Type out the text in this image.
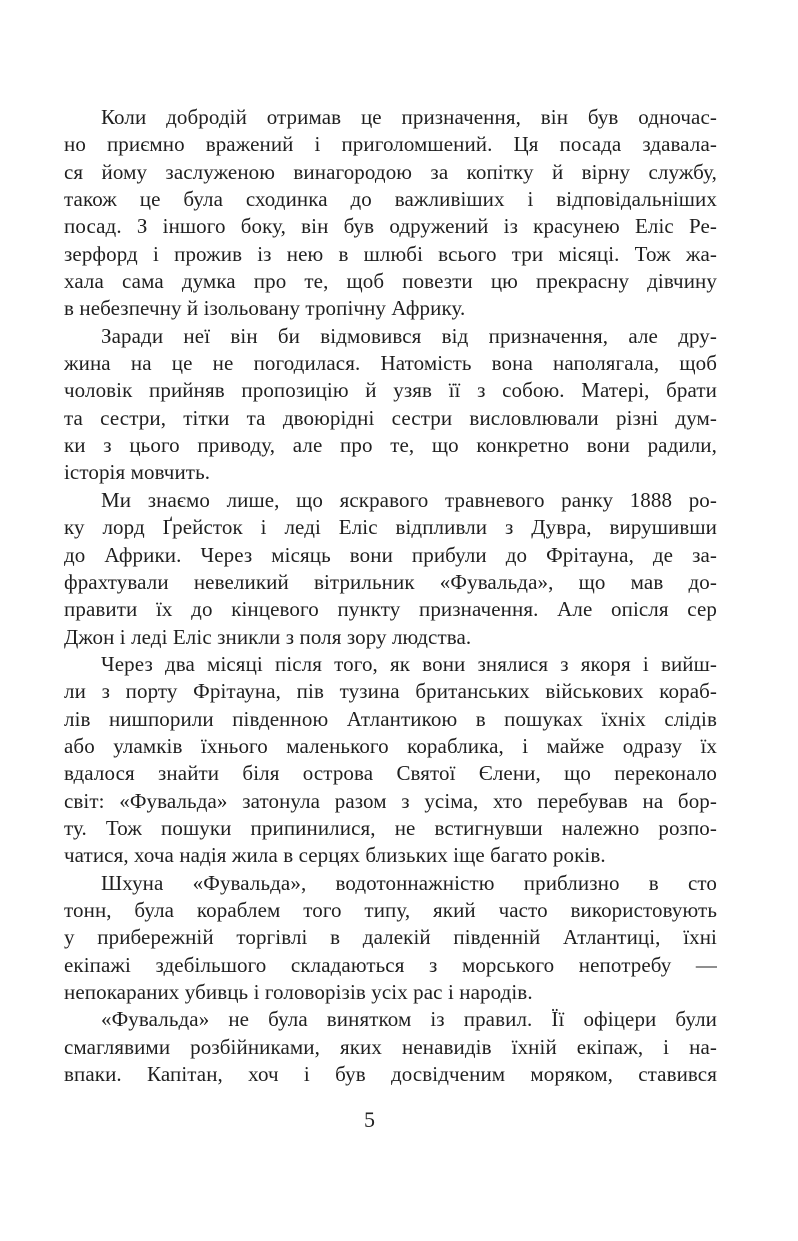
Коли добродій отримав це призначення, він був одночас-
но приємно вражений і приголомшений. Ця посада здавала-
ся йому заслуженою винагородою за копітку й вірну службу,
також це була сходинка до важливіших і відповідальніших
посад. З іншого боку, він був одружений із красунею Еліс Ре-
зерфорд і прожив із нею в шлюбі всього три місяці. Тож жа-
хала сама думка про те, щоб повезти цю прекрасну дівчину
в небезпечну й ізольовану тропічну Африку.
Заради неї він би відмовився від призначення, але дру-
жина на це не погодилася. Натомість вона наполягала, щоб
чоловік прийняв пропозицію й узяв її з собою. Матері, брати
та сестри, тітки та двоюрідні сестри висловлювали різні дум-
ки з цього приводу, але про те, що конкретно вони радили,
історія мовчить.
Ми знаємо лише, що яскравого травневого ранку 1888 ро-
ку лорд Ґрейсток і леді Еліс відпливли з Дувра, вирушивши
до Африки. Через місяць вони прибули до Фрітауна, де за-
фрахтували невеликий вітрильник «Фувальда», що мав до-
правити їх до кінцевого пункту призначення. Але опісля сер
Джон і леді Еліс зникли з поля зору людства.
Через два місяці після того, як вони знялися з якоря і вийш-
ли з порту Фрітауна, пів тузина британських військових кораб-
лів нишпорили південною Атлантикою в пошуках їхніх слідів
або уламків їхнього маленького кораблика, і майже одразу їх
вдалося знайти біля острова Святої Єлени, що переконало
світ: «Фувальда» затонула разом з усіма, хто перебував на бор-
ту. Тож пошуки припинилися, не встигнувши належно розпо-
чатися, хоча надія жила в серцях близьких іще багато років.
Шхуна «Фувальда», водотоннажністю приблизно в сто
тонн, була кораблем того типу, який часто використовують
у прибережній торгівлі в далекій південній Атлантиці, їхні
екіпажі здебільшого складаються з морського непотребу —
непокараних убивць і головорізів усіх рас і народів.
«Фувальда» не була винятком із правил. Її офіцери були
смаглявими розбійниками, яких ненавидів їхній екіпаж, і на-
впаки. Капітан, хоч і був досвідченим моряком, ставився
5
